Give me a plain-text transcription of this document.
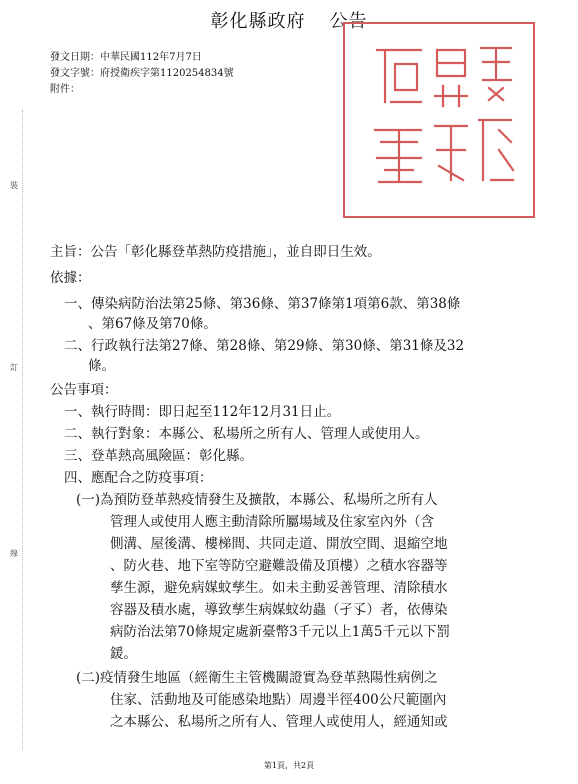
彰化縣政府 公告
發文日期：中華民國112年7月7日
發文字號：府授衛疾字第1120254834號
附件：
裝
訂
線
主旨：公告「彰化縣登革熱防疫措施」，並自即日生效。
依據：
一、傳染病防治法第25條、第36條、第37條第1項第6款、第38條
、第67條及第70條。
二、行政執行法第27條、第28條、第29條、第30條、第31條及32
條。
公告事項：
一、執行時間：即日起至112年12月31日止。
二、執行對象：本縣公、私場所之所有人、管理人或使用人。
三、登革熱高風險區：彰化縣。
四、應配合之防疫事項：
(一)為預防登革熱疫情發生及擴散，本縣公、私場所之所有人
管理人或使用人應主動清除所屬場域及住家室內外（含
側溝、屋後溝、樓梯間、共同走道、開放空間、退縮空地
、防火巷、地下室等防空避難設備及頂樓）之積水容器等
孳生源，避免病媒蚊孳生。如未主動妥善管理、清除積水
容器及積水處，導致孳生病媒蚊幼蟲（孑孓）者，依傳染
病防治法第70條規定處新臺幣3千元以上1萬5千元以下罰
鍰。
(二)疫情發生地區（經衛生主管機關證實為登革熱陽性病例之
住家、活動地及可能感染地點）周邊半徑400公尺範圍內
之本縣公、私場所之所有人、管理人或使用人，經通知或
第1頁，共2頁
